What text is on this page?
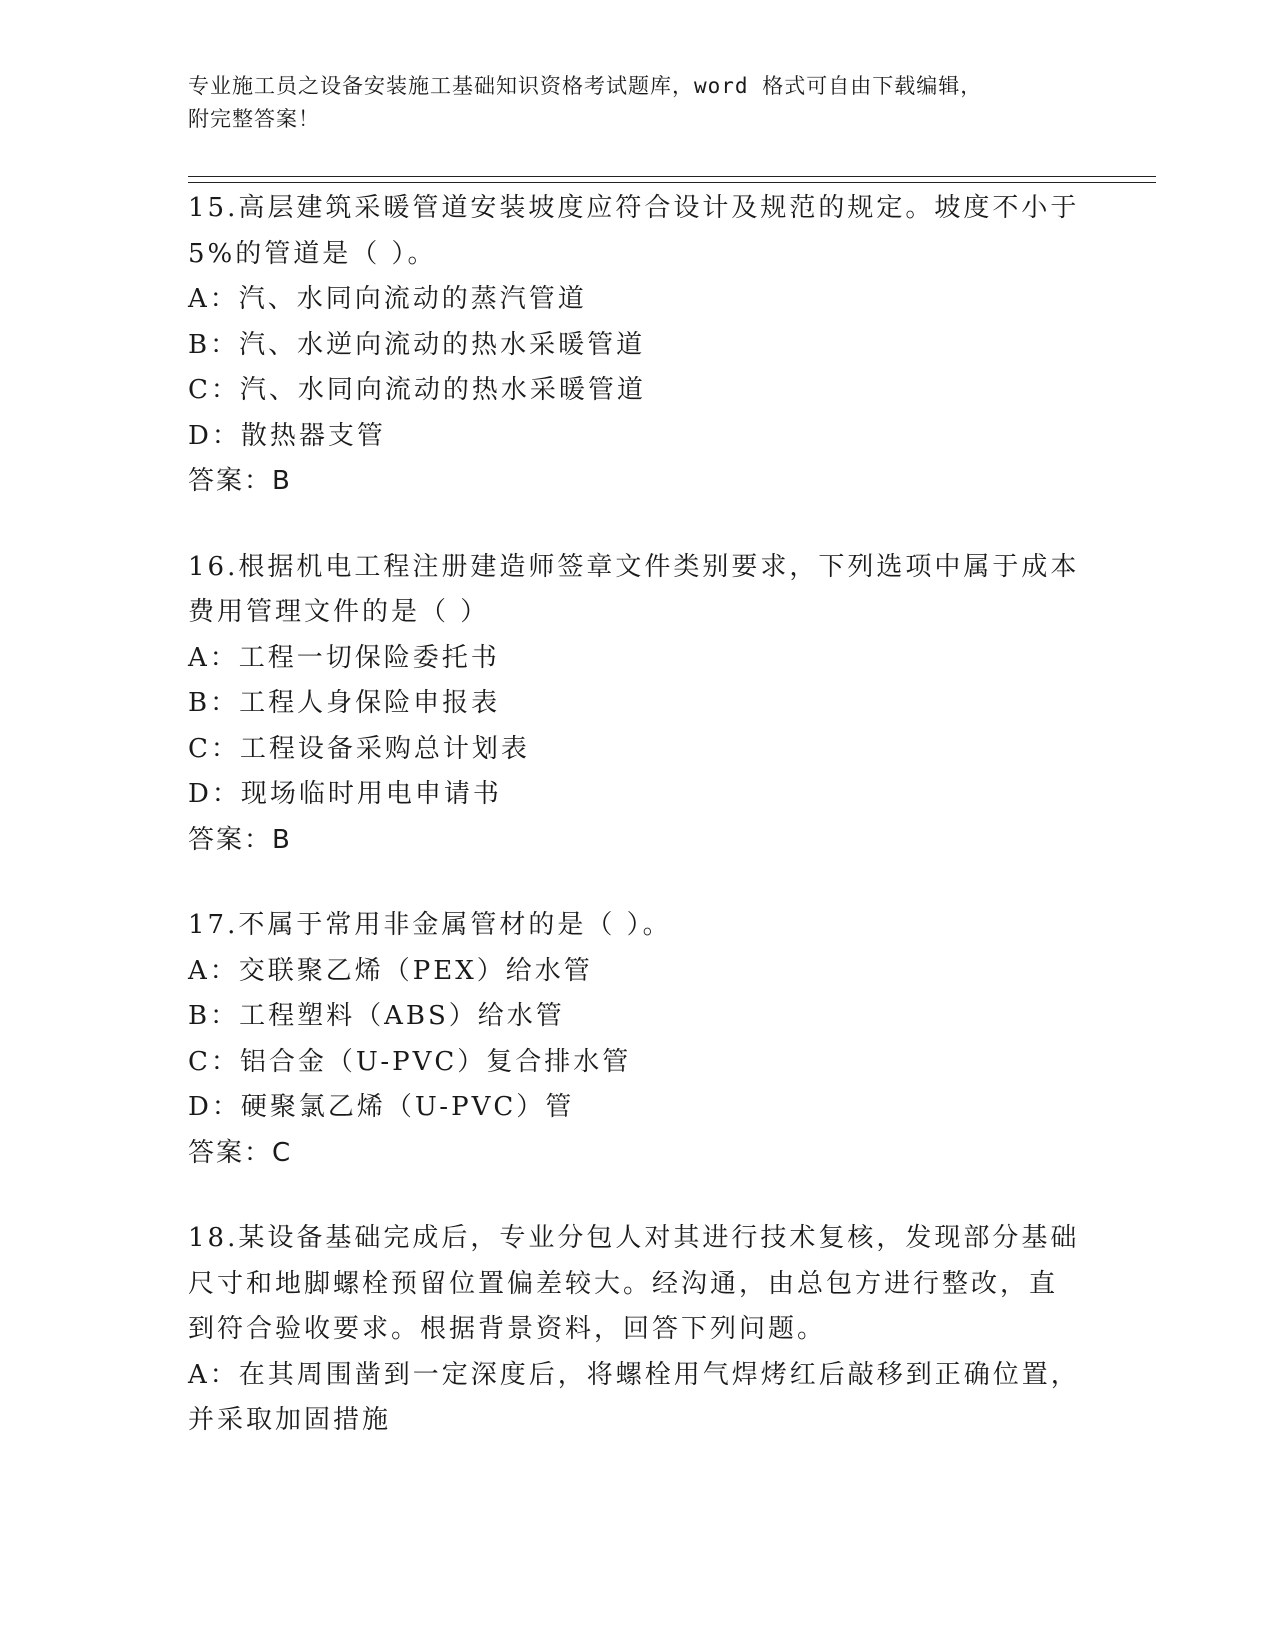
专业施工员之设备安装施工基础知识资格考试题库，word 格式可自由下载编辑，
附完整答案！
15.高层建筑采暖管道安装坡度应符合设计及规范的规定。坡度不小于
5%的管道是（ ）。
A：汽、水同向流动的蒸汽管道
B：汽、水逆向流动的热水采暖管道
C：汽、水同向流动的热水采暖管道
D：散热器支管
答案：B
16.根据机电工程注册建造师签章文件类别要求，下列选项中属于成本
费用管理文件的是（ ）
A：工程一切保险委托书
B：工程人身保险申报表
C：工程设备采购总计划表
D：现场临时用电申请书
答案：B
17.不属于常用非金属管材的是（ ）。
A：交联聚乙烯（PEX）给水管
B：工程塑料（ABS）给水管
C：铝合金（U-PVC）复合排水管
D：硬聚氯乙烯（U-PVC）管
答案：C
18.某设备基础完成后，专业分包人对其进行技术复核，发现部分基础
尺寸和地脚螺栓预留位置偏差较大。经沟通，由总包方进行整改，直
到符合验收要求。根据背景资料，回答下列问题。
A：在其周围凿到一定深度后，将螺栓用气焊烤红后敲移到正确位置，
并采取加固措施
